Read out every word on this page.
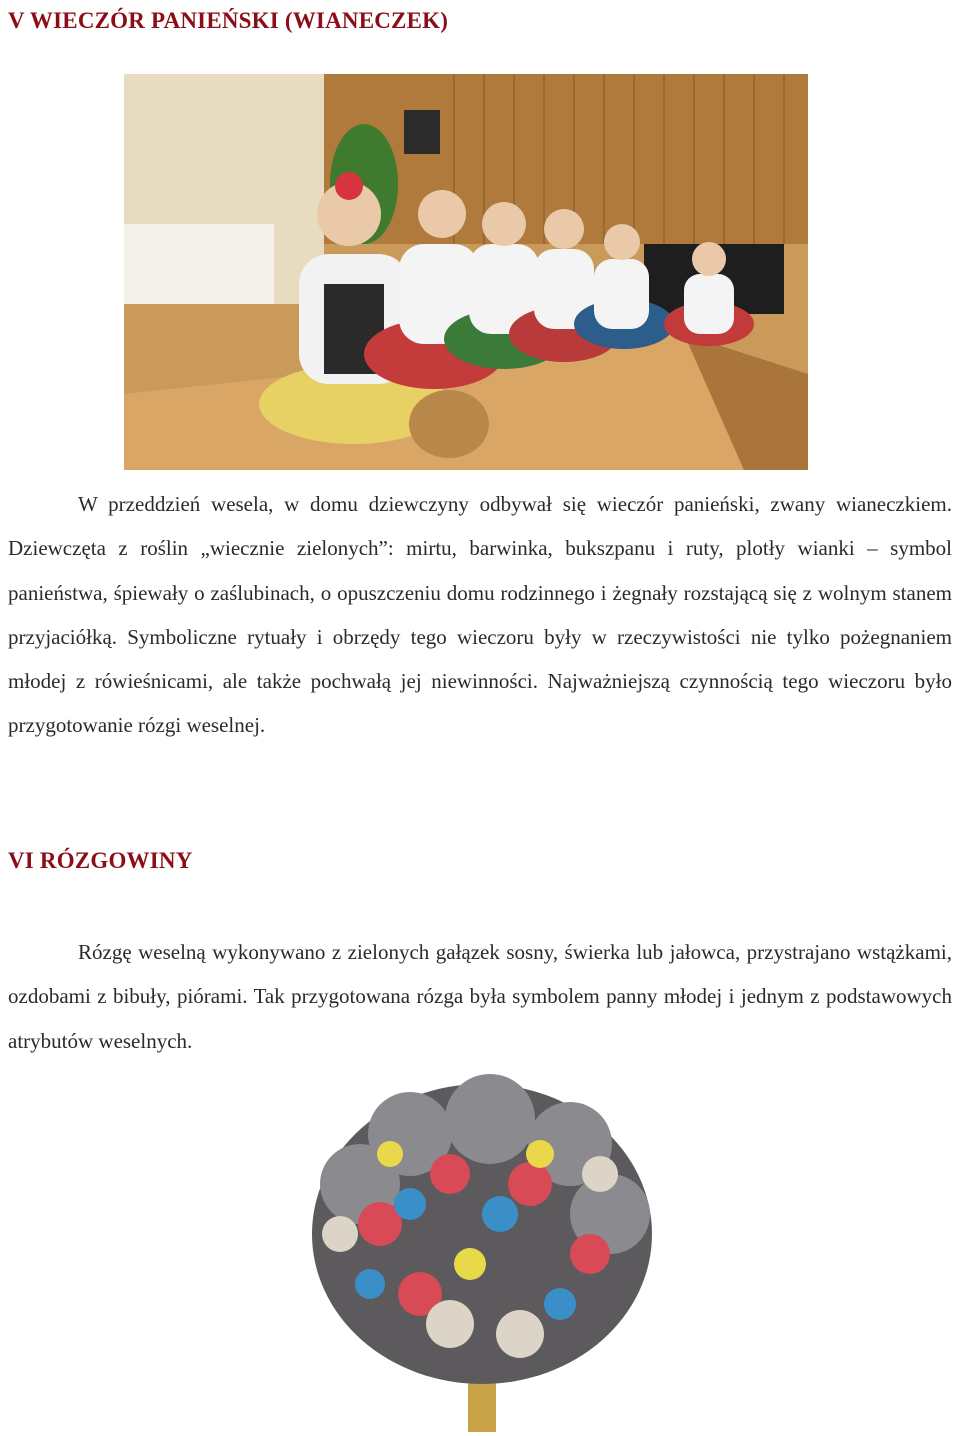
V WIECZÓR PANIEŃSKI (WIANECZEK)

W przeddzień wesela, w domu dziewczyny odbywał się wieczór panieński, zwany wianeczkiem. Dziewczęta z roślin „wiecznie zielonych”: mirtu, barwinka, bukszpanu i ruty, plotły wianki – symbol panieństwa, śpiewały o zaślubinach, o opuszczeniu domu rodzinnego i żegnały rozstającą się z wolnym stanem przyjaciółką. Symboliczne rytuały i obrzędy tego wieczoru były w rzeczywistości nie tylko pożegnaniem młodej z rówieśnicami, ale także pochwałą jej niewinności. Najważniejszą czynnością tego wieczoru było przygotowanie rózgi weselnej.

VI RÓZGOWINY

Rózgę weselną wykonywano z zielonych gałązek sosny, świerka lub jałowca, przystrajano wstążkami, ozdobami z bibuły, piórami. Tak przygotowana rózga była symbolem panny młodej i jednym z podstawowych atrybutów weselnych.
